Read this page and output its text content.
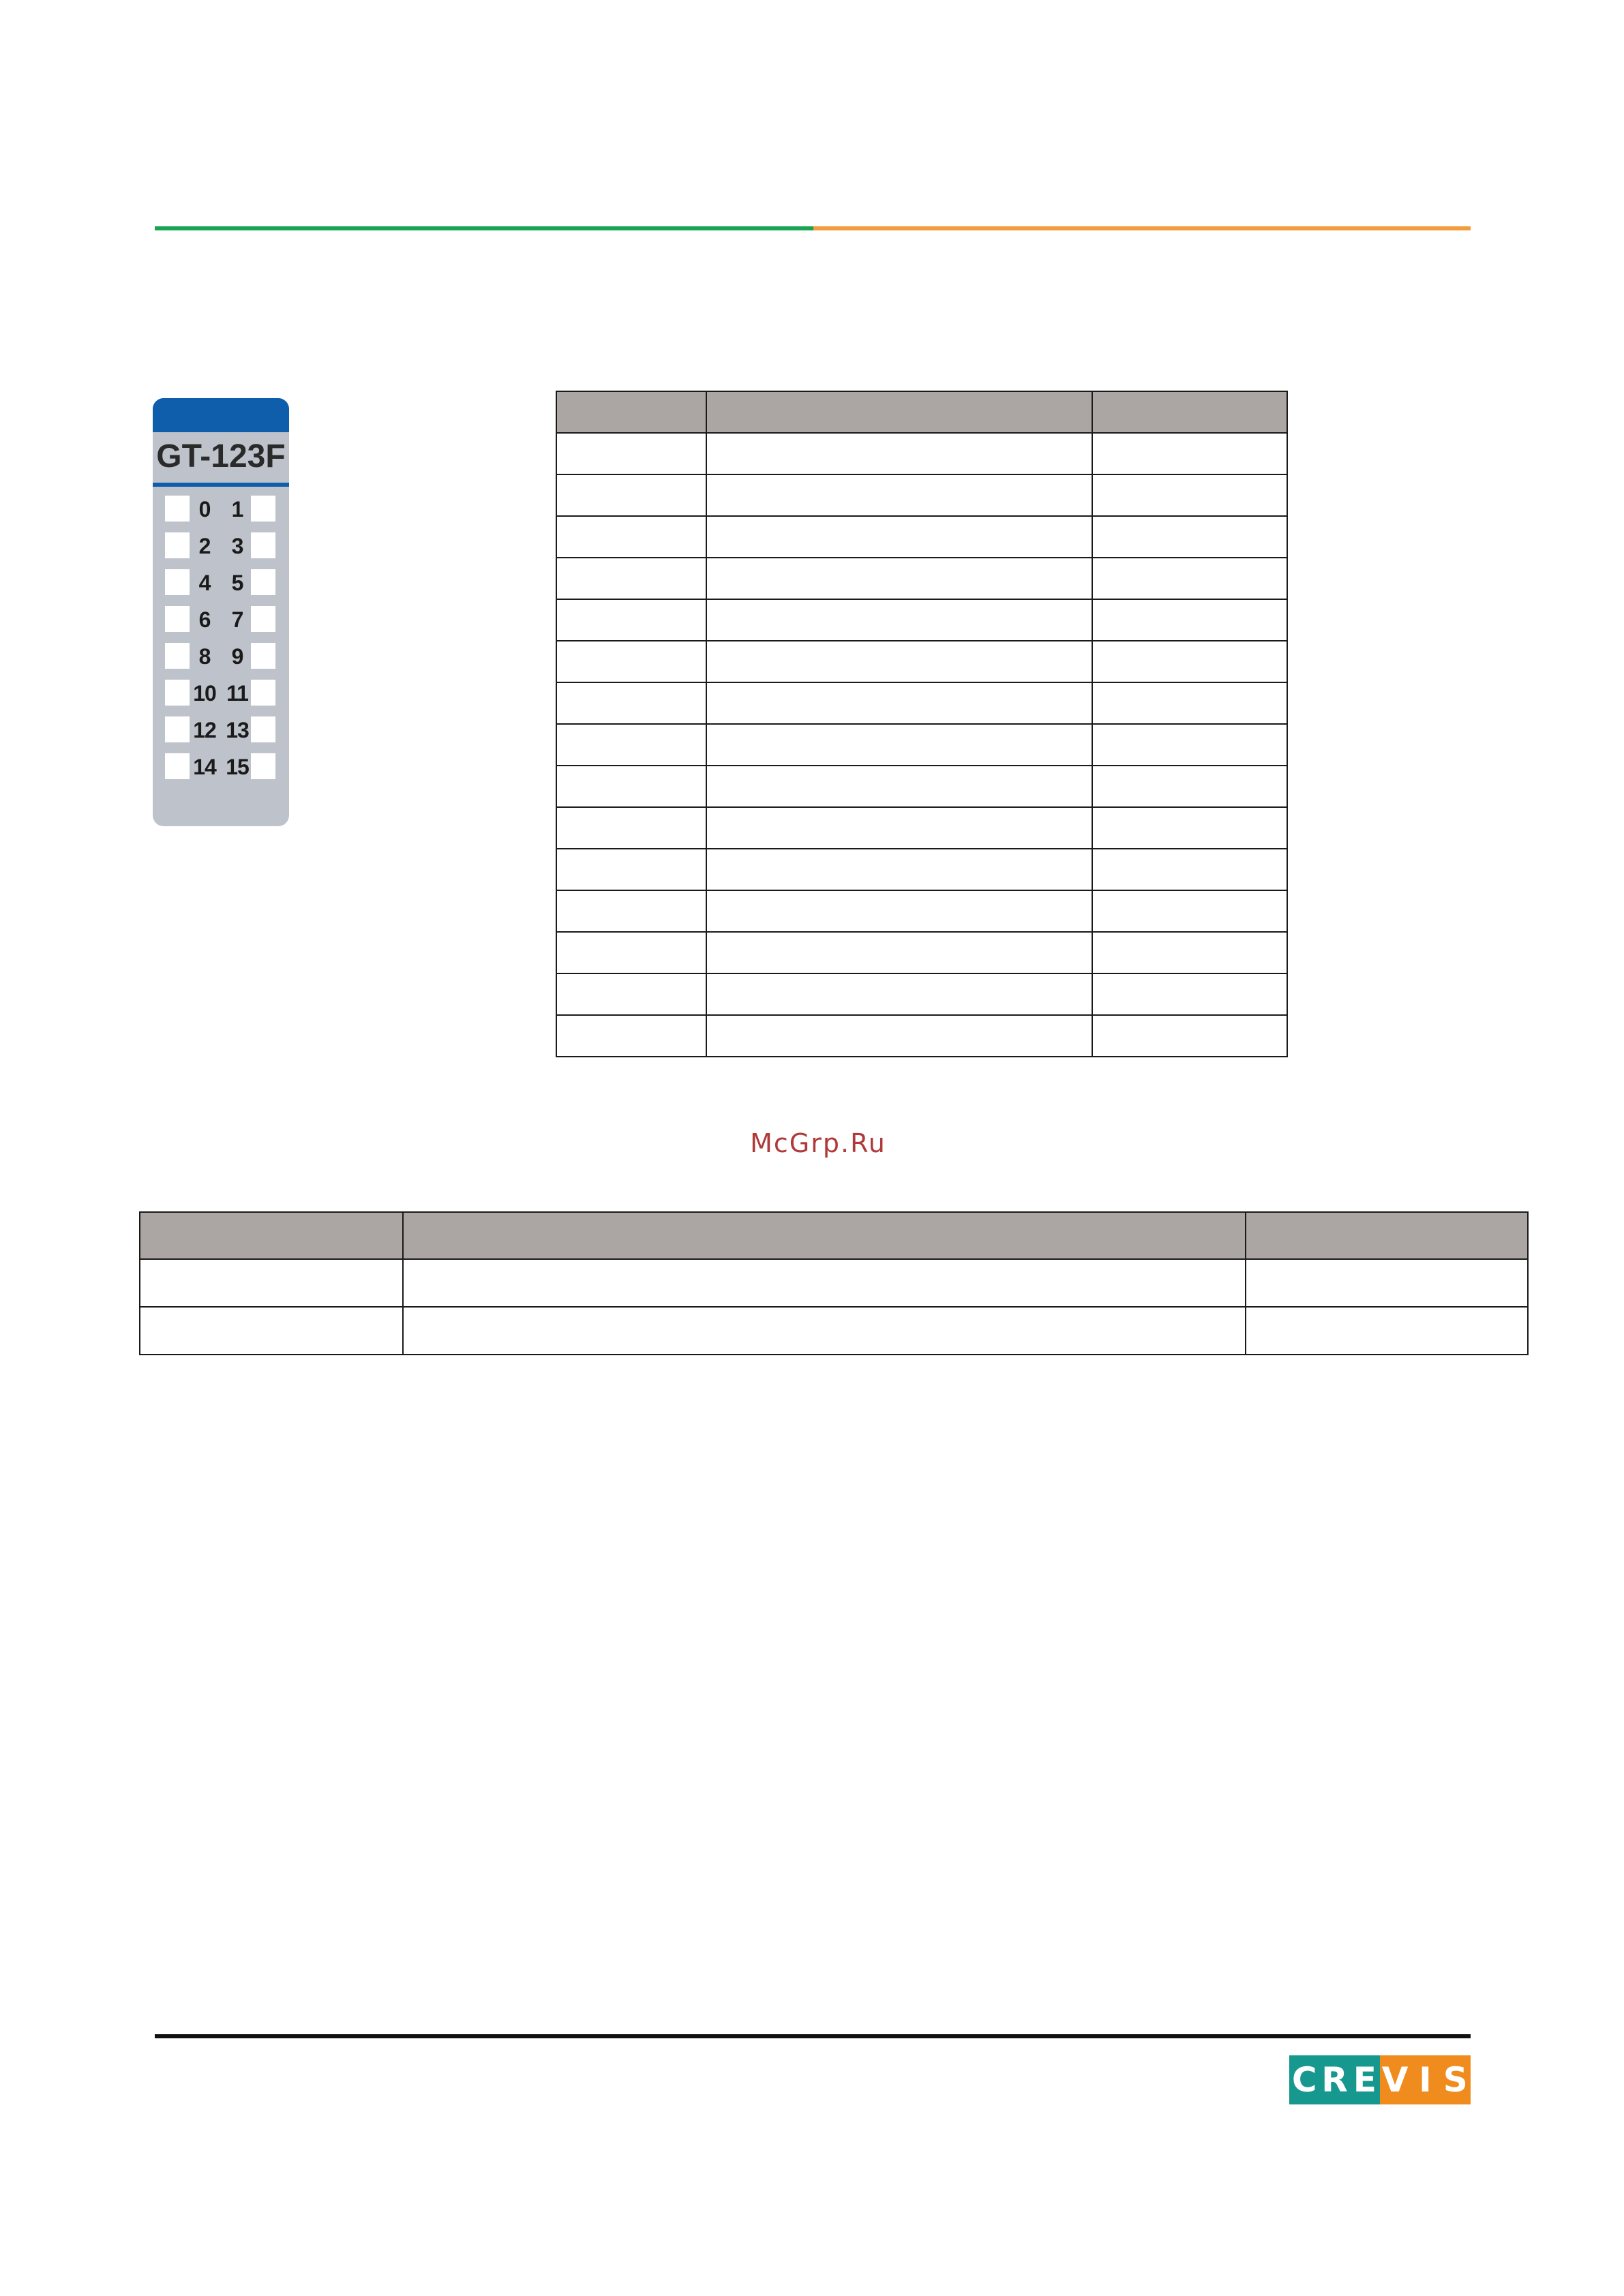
GT-123F
0 1
2 3
4 5
6 7
8 9
10 11
12 13
14 15

McGrp.Ru

C R E V I S
